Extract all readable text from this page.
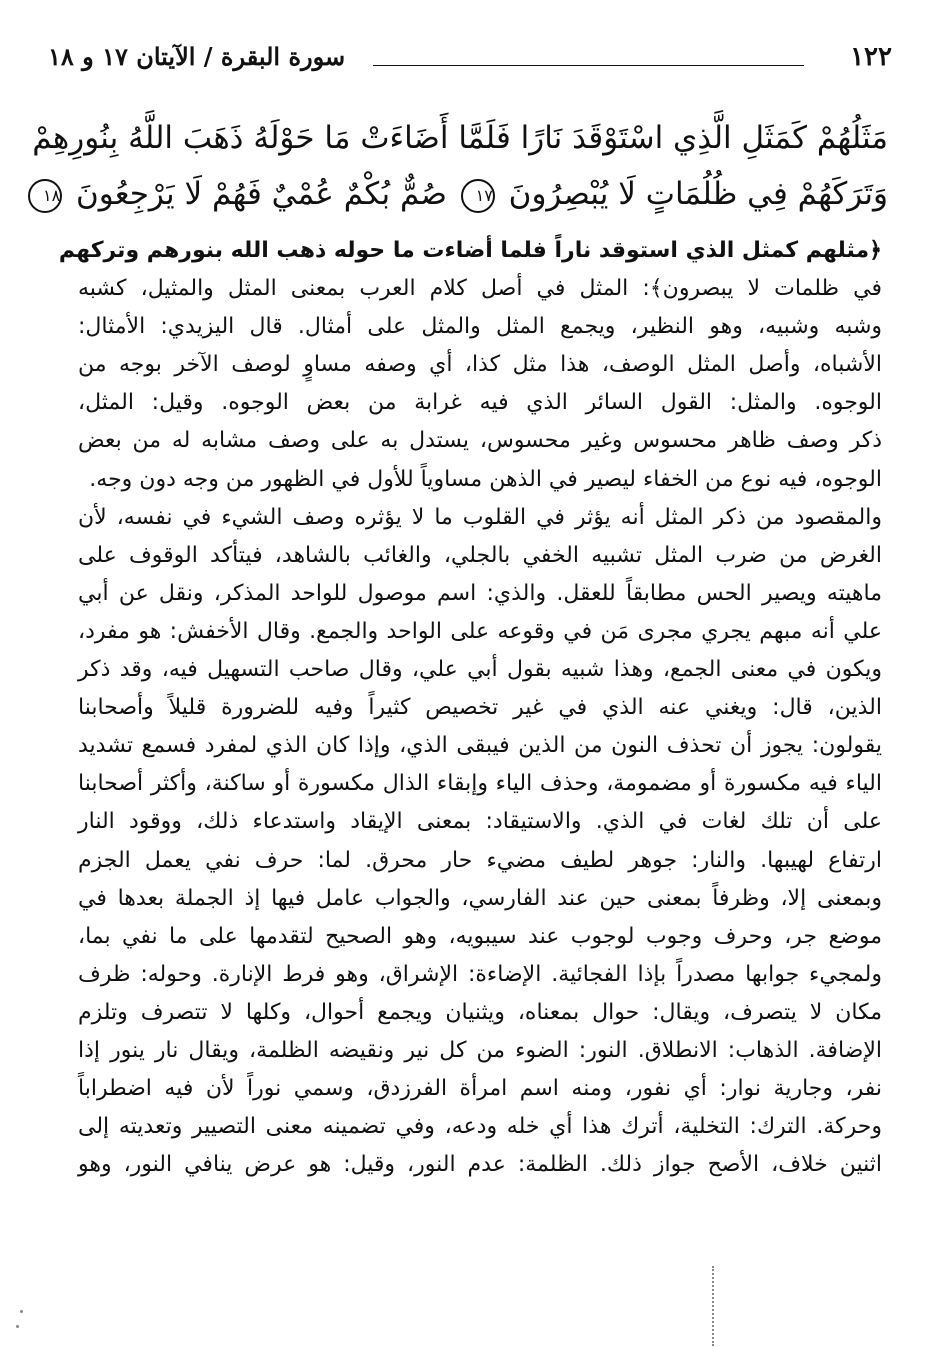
١٢٢
سورة البقرة / الآيتان ١٧ و ١٨
مَثَلُهُمْ كَمَثَلِ الَّذِي اسْتَوْقَدَ نَارًا فَلَمَّا أَضَاءَتْ مَا حَوْلَهُ ذَهَبَ اللَّهُ بِنُورِهِمْ
وَتَرَكَهُمْ فِي ظُلُمَاتٍ لَا يُبْصِرُونَ ١٧ صُمٌّ بُكْمٌ عُمْيٌ فَهُمْ لَا يَرْجِعُونَ ١٨
﴿مثلهم كمثل الذي استوقد ناراً فلما أضاءت ما حوله ذهب الله بنورهم وتركهم
في ظلمات لا يبصرون﴾: المثل في أصل كلام العرب بمعنى المثل والمثيل، كشبه
وشبه وشبيه، وهو النظير، ويجمع المثل والمثل على أمثال. قال اليزيدي: الأمثال:
الأشباه، وأصل المثل الوصف، هذا مثل كذا، أي وصفه مساوٍ لوصف الآخر بوجه من
الوجوه. والمثل: القول السائر الذي فيه غرابة من بعض الوجوه. وقيل: المثل،
ذكر وصف ظاهر محسوس وغير محسوس، يستدل به على وصف مشابه له من بعض
الوجوه، فيه نوع من الخفاء ليصير في الذهن مساوياً للأول في الظهور من وجه دون وجه.
والمقصود من ذكر المثل أنه يؤثر في القلوب ما لا يؤثره وصف الشيء في نفسه، لأن
الغرض من ضرب المثل تشبيه الخفي بالجلي، والغائب بالشاهد، فيتأكد الوقوف على
ماهيته ويصير الحس مطابقاً للعقل. والذي: اسم موصول للواحد المذكر، ونقل عن أبي
علي أنه مبهم يجري مجرى مَن في وقوعه على الواحد والجمع. وقال الأخفش: هو مفرد،
ويكون في معنى الجمع، وهذا شبيه بقول أبي علي، وقال صاحب التسهيل فيه، وقد ذكر
الذين، قال: ويغني عنه الذي في غير تخصيص كثيراً وفيه للضرورة قليلاً وأصحابنا
يقولون: يجوز أن تحذف النون من الذين فيبقى الذي، وإذا كان الذي لمفرد فسمع تشديد
الياء فيه مكسورة أو مضمومة، وحذف الياء وإبقاء الذال مكسورة أو ساكنة، وأكثر أصحابنا
على أن تلك لغات في الذي. والاستيقاد: بمعنى الإيقاد واستدعاء ذلك، ووقود النار
ارتفاع لهيبها. والنار: جوهر لطيف مضيء حار محرق. لما: حرف نفي يعمل الجزم
وبمعنى إلا، وظرفاً بمعنى حين عند الفارسي، والجواب عامل فيها إذ الجملة بعدها في
موضع جر، وحرف وجوب لوجوب عند سيبويه، وهو الصحيح لتقدمها على ما نفي بما،
ولمجيء جوابها مصدراً بإذا الفجائية. الإضاءة: الإشراق، وهو فرط الإنارة. وحوله: ظرف
مكان لا يتصرف، ويقال: حوال بمعناه، ويثنيان ويجمع أحوال، وكلها لا تتصرف وتلزم
الإضافة. الذهاب: الانطلاق. النور: الضوء من كل نير ونقيضه الظلمة، ويقال نار ينور إذا
نفر، وجارية نوار: أي نفور، ومنه اسم امرأة الفرزدق، وسمي نوراً لأن فيه اضطراباً
وحركة. الترك: التخلية، أترك هذا أي خله ودعه، وفي تضمينه معنى التصيير وتعديته إلى
اثنين خلاف، الأصح جواز ذلك. الظلمة: عدم النور، وقيل: هو عرض ينافي النور، وهو
